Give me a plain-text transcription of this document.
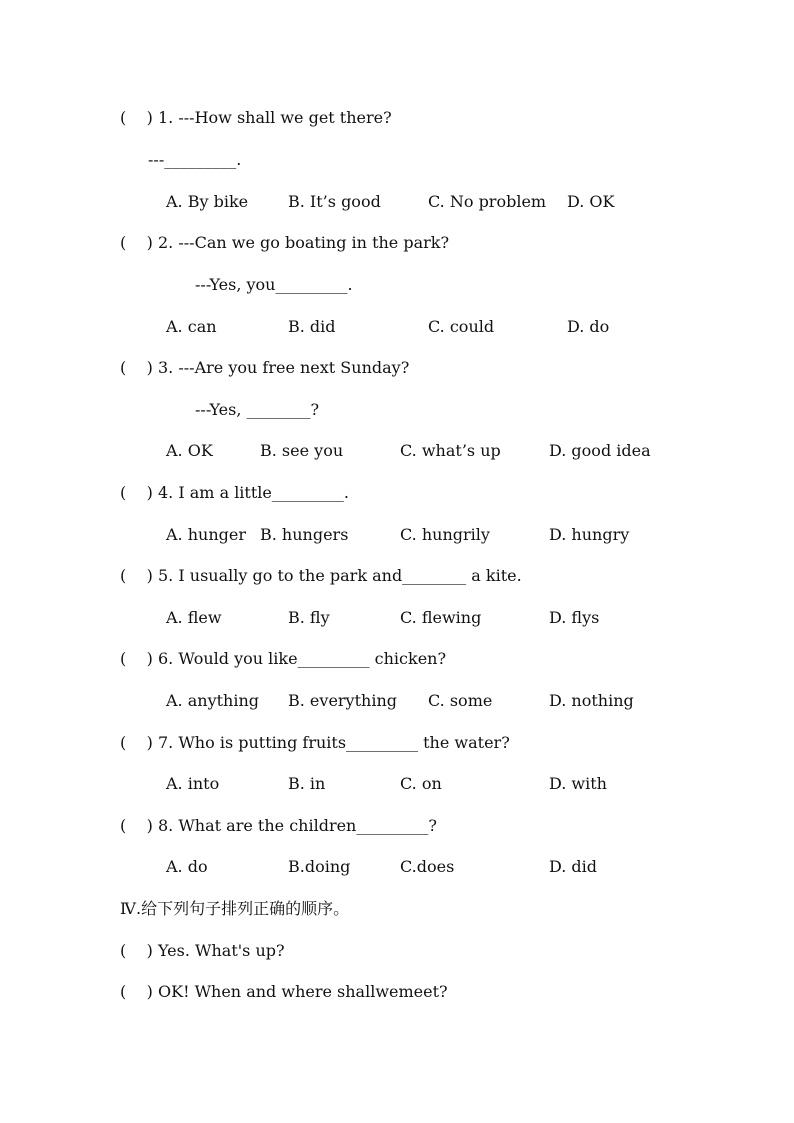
(    ) 1. ---How shall we get there?
---_________.
A. By bike B. It’s good	C. No problem D. OK
(    ) 2. ---Can we go boating in the park?
---Yes, you_________.
A. can	B. did	C. could	D. do
(    ) 3. ---Are you free next Sunday?
---Yes, ________?
A. OK	B. see you	C. what’s up	D. good idea
(    ) 4. I am a little_________.
A. hunger B. hungers	C. hungrily	D. hungry
(    ) 5. I usually go to the park and________ a kite.
A. flew	B. fly	C. flewing	D. flys
(    ) 6. Would you like_________ chicken?
A. anything B. everything C. some	D. nothing
(    ) 7. Who is putting fruits_________ the water?
A. into	B. in	C. on	D. with
(    ) 8. What are the children_________?
A. do	B.doing	C.does	D. did
Ⅳ.给下列句子排列正确的顺序。
(    ) Yes. What's up?
(    ) OK! When and where shallwemeet?
